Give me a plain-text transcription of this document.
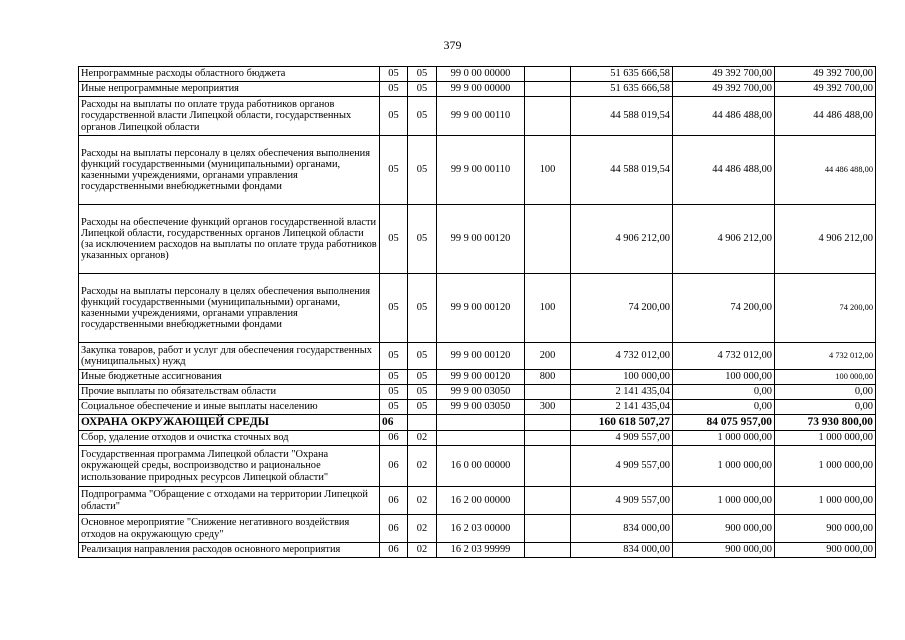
379
Непрограммные расходы областного бюджета	05	05	99 0 00 00000		51 635 666,58	49 392 700,00	49 392 700,00
Иные непрограммные мероприятия	05	05	99 9 00 00000		51 635 666,58	49 392 700,00	49 392 700,00
Расходы на выплаты по оплате труда работников органов государственной власти Липецкой области, государственных органов Липецкой области	05	05	99 9 00 00110		44 588 019,54	44 486 488,00	44 486 488,00
Расходы на выплаты персоналу в целях обеспечения выполнения функций государственными (муниципальными) органами, казенными учреждениями, органами управления государственными внебюджетными фондами	05	05	99 9 00 00110	100	44 588 019,54	44 486 488,00	44 486 488,00
Расходы на обеспечение функций органов государственной власти Липецкой области, государственных органов Липецкой области (за исключением расходов на выплаты по оплате труда работников указанных органов)	05	05	99 9 00 00120		4 906 212,00	4 906 212,00	4 906 212,00
Расходы на выплаты персоналу в целях обеспечения выполнения функций государственными (муниципальными) органами, казенными учреждениями, органами управления государственными внебюджетными фондами	05	05	99 9 00 00120	100	74 200,00	74 200,00	74 200,00
Закупка товаров, работ и услуг для обеспечения государственных (муниципальных) нужд	05	05	99 9 00 00120	200	4 732 012,00	4 732 012,00	4 732 012,00
Иные бюджетные ассигнования	05	05	99 9 00 00120	800	100 000,00	100 000,00	100 000,00
Прочие выплаты по обязательствам области	05	05	99 9 00 03050		2 141 435,04	0,00	0,00
Социальное обеспечение и иные выплаты населению	05	05	99 9 00 03050	300	2 141 435,04	0,00	0,00
ОХРАНА ОКРУЖАЮЩЕЙ СРЕДЫ	06				160 618 507,27	84 075 957,00	73 930 800,00
Сбор, удаление отходов и очистка сточных вод	06	02			4 909 557,00	1 000 000,00	1 000 000,00
Государственная программа Липецкой области "Охрана окружающей среды, воспроизводство и рациональное использование природных ресурсов Липецкой области"	06	02	16 0 00 00000		4 909 557,00	1 000 000,00	1 000 000,00
Подпрограмма "Обращение с отходами на территории Липецкой области"	06	02	16 2 00 00000		4 909 557,00	1 000 000,00	1 000 000,00
Основное мероприятие "Снижение негативного воздействия отходов на окружающую среду"	06	02	16 2 03 00000		834 000,00	900 000,00	900 000,00
Реализация направления расходов основного мероприятия	06	02	16 2 03 99999		834 000,00	900 000,00	900 000,00
